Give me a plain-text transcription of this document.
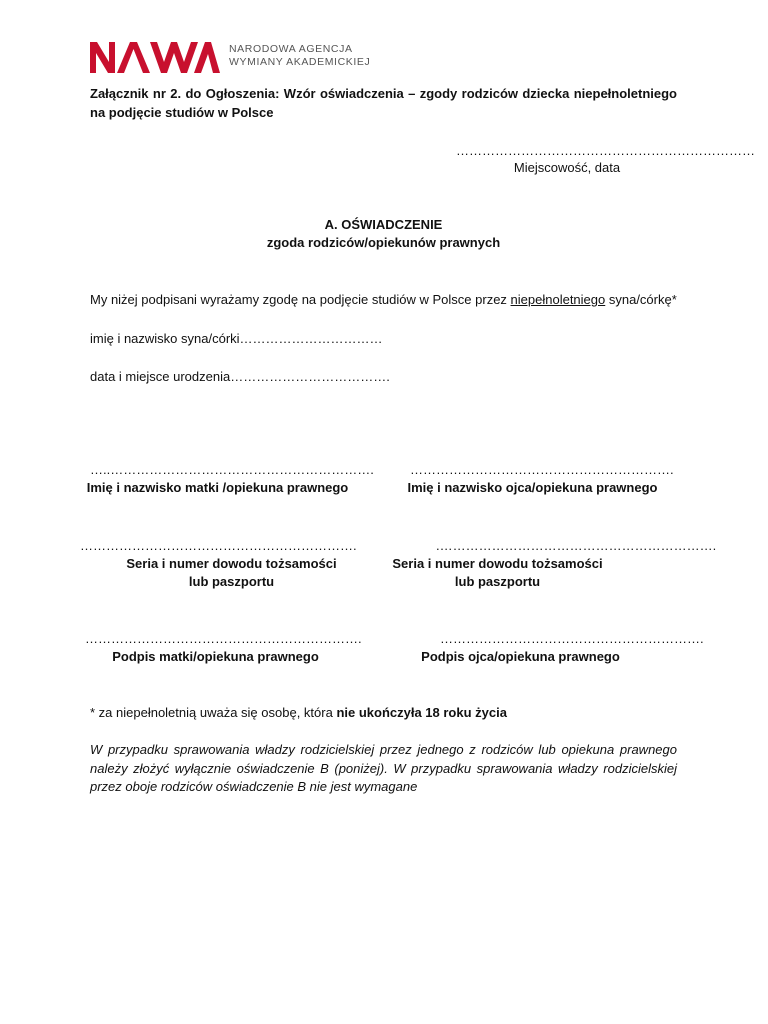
NARODOWA AGENCJA
WYMIANY AKADEMICKIEJ
Załącznik nr 2. do Ogłoszenia: Wzór oświadczenia – zgody rodziców dziecka niepełnoletniego na podjęcie studiów w Polsce
……………………………………………………………
Miejscowość, data
A. OŚWIADCZENIE
zgoda rodziców/opiekunów prawnych
My niżej podpisani wyrażamy zgodę na podjęcie studiów w Polsce przez niepełnoletniego syna/córkę*
imię i nazwisko syna/córki……………………………
data i miejsce urodzenia……………………………….
…..…………………………………………………….
Imię i nazwisko matki /opiekuna prawnego
…………………………………………………….
Imię i nazwisko ojca/opiekuna prawnego
……………………………………………………….
Seria i numer dowodu tożsamości
lub paszportu
.……………………………………………………….
Seria i numer dowodu tożsamości
lub paszportu
……………………………………………………….
Podpis matki/opiekuna prawnego
…………………………………………………….
Podpis ojca/opiekuna prawnego
* za niepełnoletnią uważa się osobę, która nie ukończyła 18 roku życia
W przypadku sprawowania władzy rodzicielskiej przez jednego z rodziców lub opiekuna prawnego należy złożyć wyłącznie oświadczenie B (poniżej). W przypadku sprawowania władzy rodzicielskiej przez oboje rodziców oświadczenie B nie jest wymagane
